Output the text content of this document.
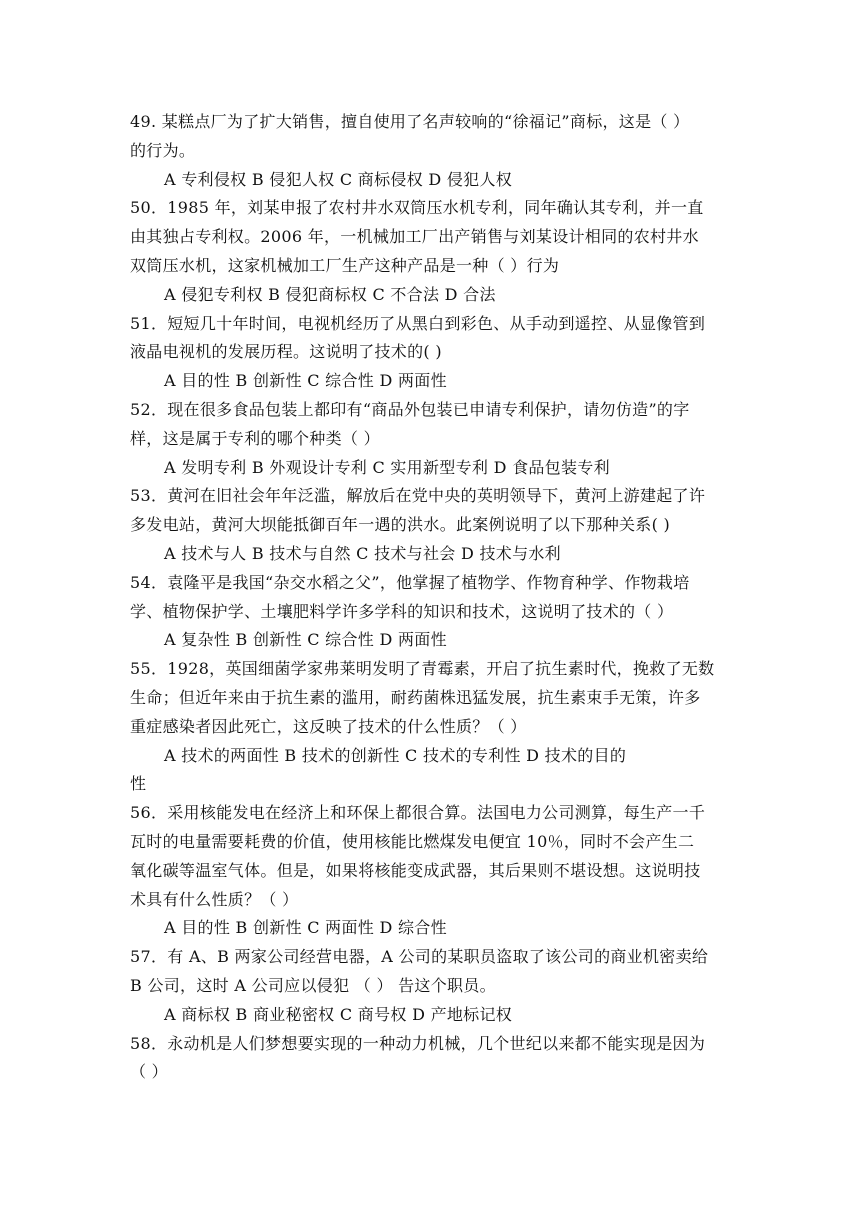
49. 某糕点厂为了扩大销售，擅自使用了名声较响的“徐福记”商标，这是（ ）
的行为。
A 专利侵权 B 侵犯人权 C 商标侵权 D 侵犯人权
50．1985 年，刘某申报了农村井水双筒压水机专利，同年确认其专利，并一直
由其独占专利权。2006 年，一机械加工厂出产销售与刘某设计相同的农村井水
双筒压水机，这家机械加工厂生产这种产品是一种（ ）行为
A 侵犯专利权 B 侵犯商标权 C 不合法 D 合法
51．短短几十年时间，电视机经历了从黑白到彩色、从手动到遥控、从显像管到
液晶电视机的发展历程。这说明了技术的( )
A 目的性 B 创新性 C 综合性 D 两面性
52．现在很多食品包装上都印有“商品外包装已申请专利保护，请勿仿造”的字
样，这是属于专利的哪个种类（ ）
A 发明专利 B 外观设计专利 C 实用新型专利 D 食品包装专利
53．黄河在旧社会年年泛滥，解放后在党中央的英明领导下，黄河上游建起了许
多发电站，黄河大坝能抵御百年一遇的洪水。此案例说明了以下那种关系( )
A 技术与人 B 技术与自然 C 技术与社会 D 技术与水利
54．袁隆平是我国“杂交水稻之父”，他掌握了植物学、作物育种学、作物栽培
学、植物保护学、土壤肥料学许多学科的知识和技术，这说明了技术的（ ）
A 复杂性 B 创新性 C 综合性 D 两面性
55．1928，英国细菌学家弗莱明发明了青霉素，开启了抗生素时代，挽救了无数
生命；但近年来由于抗生素的滥用，耐药菌株迅猛发展，抗生素束手无策，许多
重症感染者因此死亡，这反映了技术的什么性质？（ ）
A 技术的两面性 B 技术的创新性 C 技术的专利性 D 技术的目的
性
56．采用核能发电在经济上和环保上都很合算。法国电力公司测算，每生产一千
瓦时的电量需要耗费的价值，使用核能比燃煤发电便宜 10％，同时不会产生二
氧化碳等温室气体。但是，如果将核能变成武器，其后果则不堪设想。这说明技
术具有什么性质？（ ）
A 目的性 B 创新性 C 两面性 D 综合性
57．有 A、B 两家公司经营电器，A 公司的某职员盗取了该公司的商业机密卖给
B 公司，这时 A 公司应以侵犯 （ ） 告这个职员。
A 商标权 B 商业秘密权 C 商号权 D 产地标记权
58．永动机是人们梦想要实现的一种动力机械，几个世纪以来都不能实现是因为
（ ）
